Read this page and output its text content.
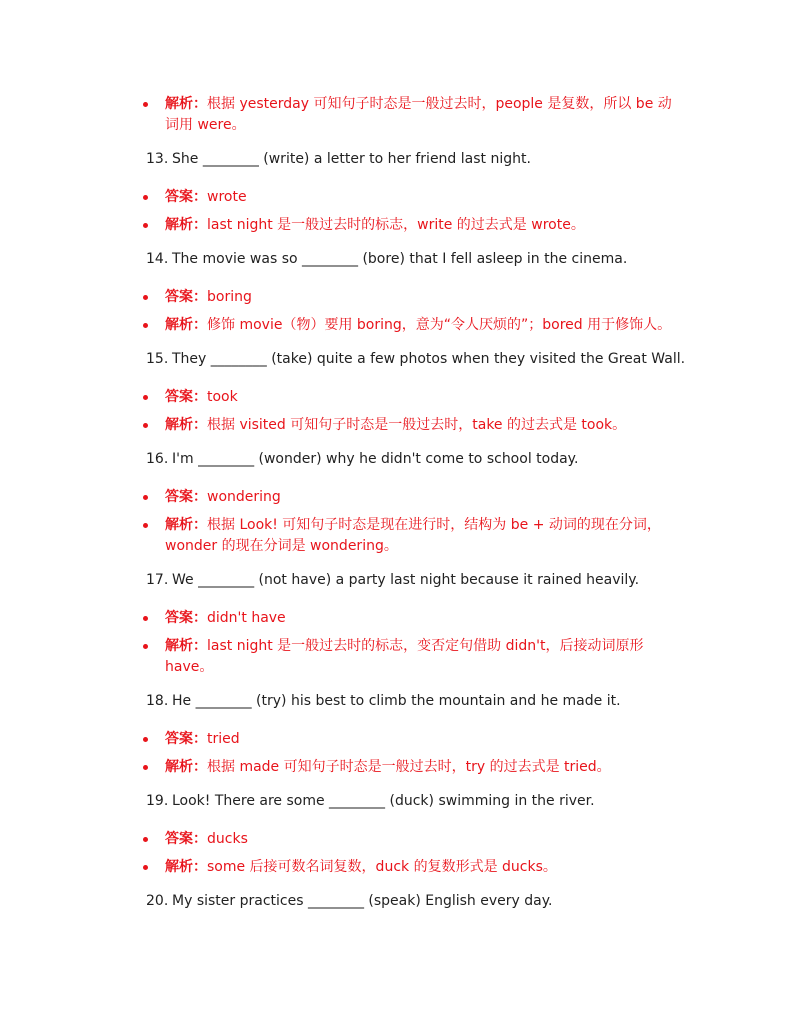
解析：根据 yesterday 可知句子时态是一般过去时，people 是复数，所以 be 动词用 were。
13. She ________ (write) a letter to her friend last night.
答案：wrote
解析：last night 是一般过去时的标志，write 的过去式是 wrote。
14. The movie was so ________ (bore) that I fell asleep in the cinema.
答案：boring
解析：修饰 movie（物）要用 boring，意为“令人厌烦的”；bored 用于修饰人。
15. They ________ (take) quite a few photos when they visited the Great Wall.
答案：took
解析：根据 visited 可知句子时态是一般过去时，take 的过去式是 took。
16. I'm ________ (wonder) why he didn't come to school today.
答案：wondering
解析：根据 Look! 可知句子时态是现在进行时，结构为 be + 动词的现在分词，wonder 的现在分词是 wondering。
17. We ________ (not have) a party last night because it rained heavily.
答案：didn't have
解析：last night 是一般过去时的标志，变否定句借助 didn't，后接动词原形 have。
18. He ________ (try) his best to climb the mountain and he made it.
答案：tried
解析：根据 made 可知句子时态是一般过去时，try 的过去式是 tried。
19. Look! There are some ________ (duck) swimming in the river.
答案：ducks
解析：some 后接可数名词复数，duck 的复数形式是 ducks。
20. My sister practices ________ (speak) English every day.
